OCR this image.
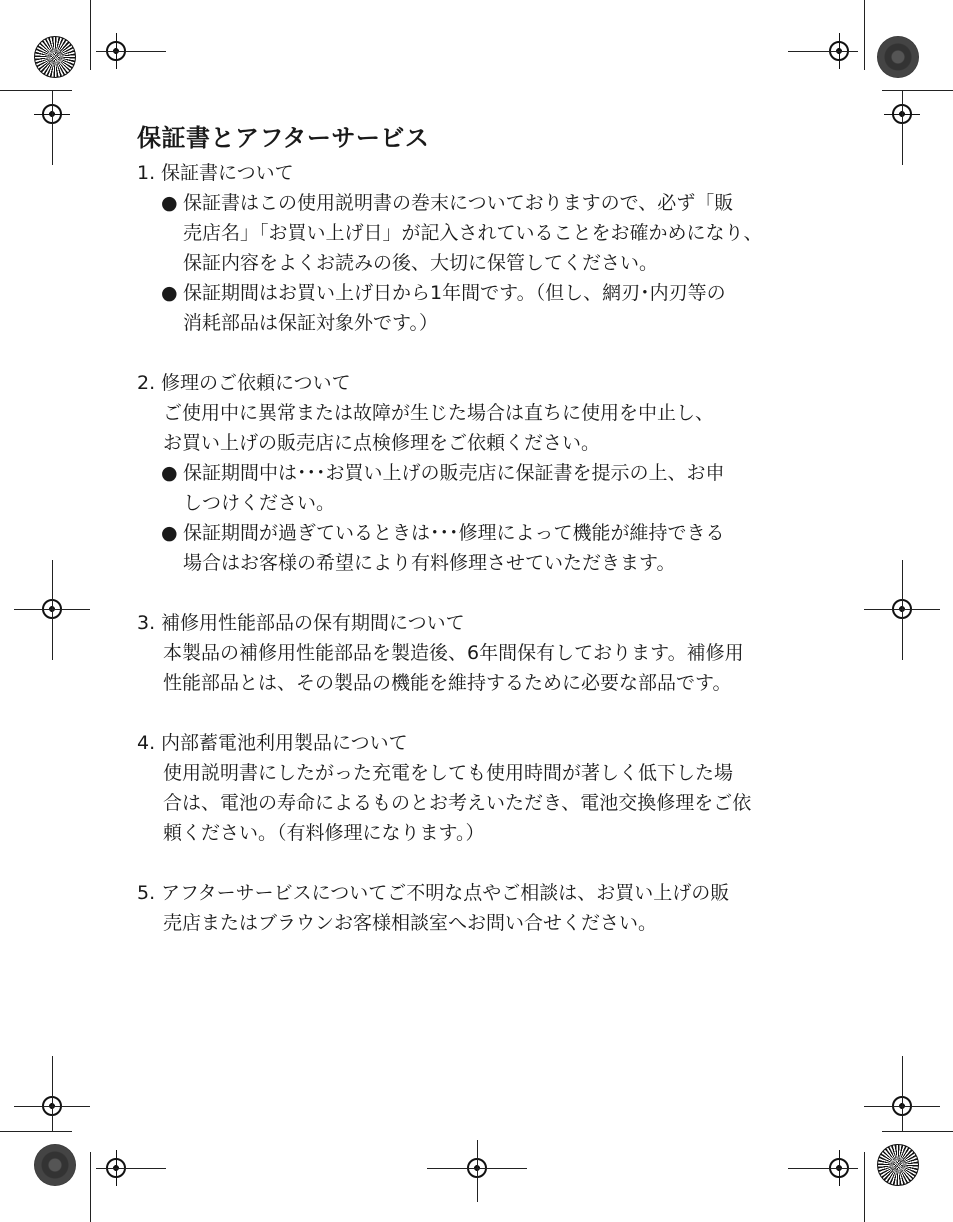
保証書とアフターサービス
1. 保証書について
● 保証書はこの使用説明書の巻末についておりますので、必ず「販
売店名」「お買い上げ日」が記入されていることをお確かめになり、
保証内容をよくお読みの後、大切に保管してください。
● 保証期間はお買い上げ日から1年間です。（但し、網刃･内刃等の
消耗部品は保証対象外です。）
2. 修理のご依頼について
ご使用中に異常または故障が生じた場合は直ちに使用を中止し、
お買い上げの販売店に点検修理をご依頼ください。
● 保証期間中は･･･お買い上げの販売店に保証書を提示の上、お申
しつけください。
● 保証期間が過ぎているときは･･･修理によって機能が維持できる
場合はお客様の希望により有料修理させていただきます。
3. 補修用性能部品の保有期間について
本製品の補修用性能部品を製造後、6年間保有しております。補修用
性能部品とは、その製品の機能を維持するために必要な部品です。
4. 内部蓄電池利用製品について
使用説明書にしたがった充電をしても使用時間が著しく低下した場
合は、電池の寿命によるものとお考えいただき、電池交換修理をご依
頼ください。（有料修理になります。）
5. アフターサービスについてご不明な点やご相談は、お買い上げの販
売店またはブラウンお客様相談室へお問い合せください。
